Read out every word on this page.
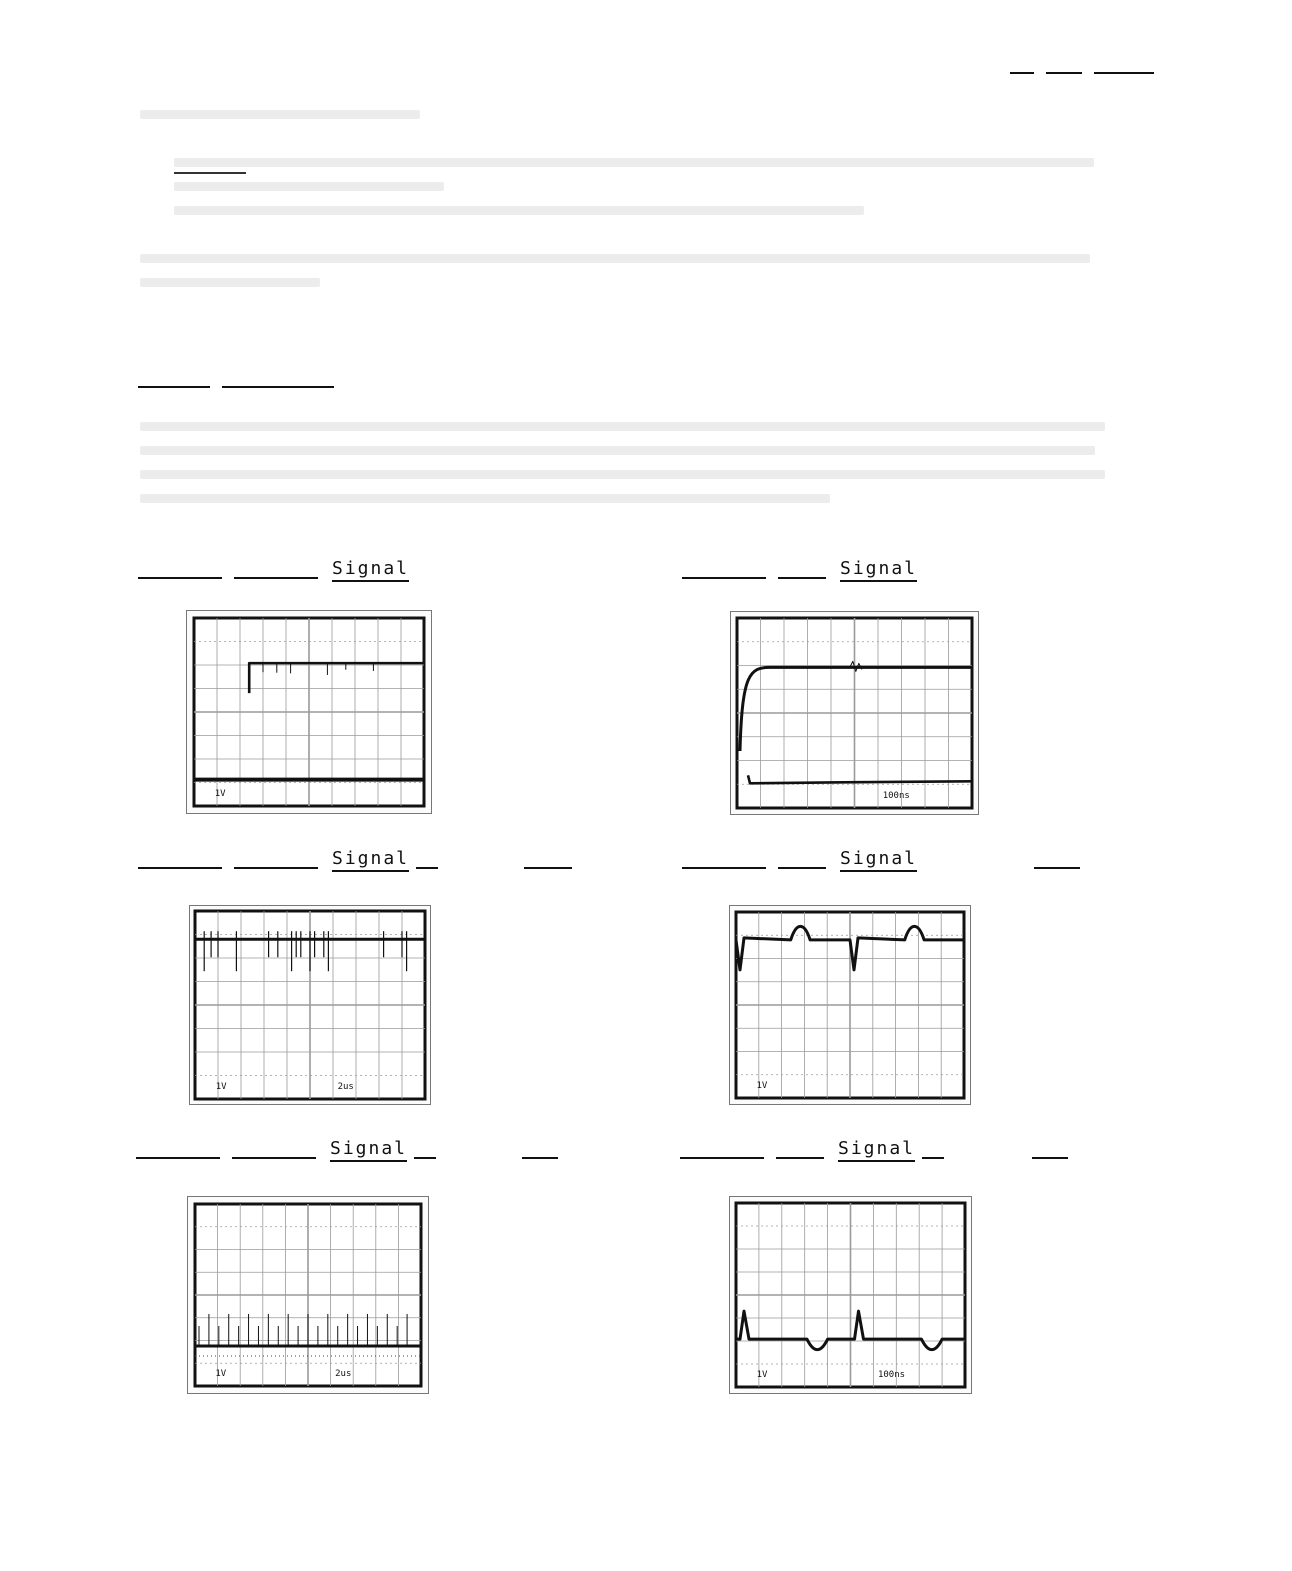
Signal	Signal
Signal	Signal
Signal	Signal
1V	100ns
1V	2us	1V
1V	2us	1V	100ns
